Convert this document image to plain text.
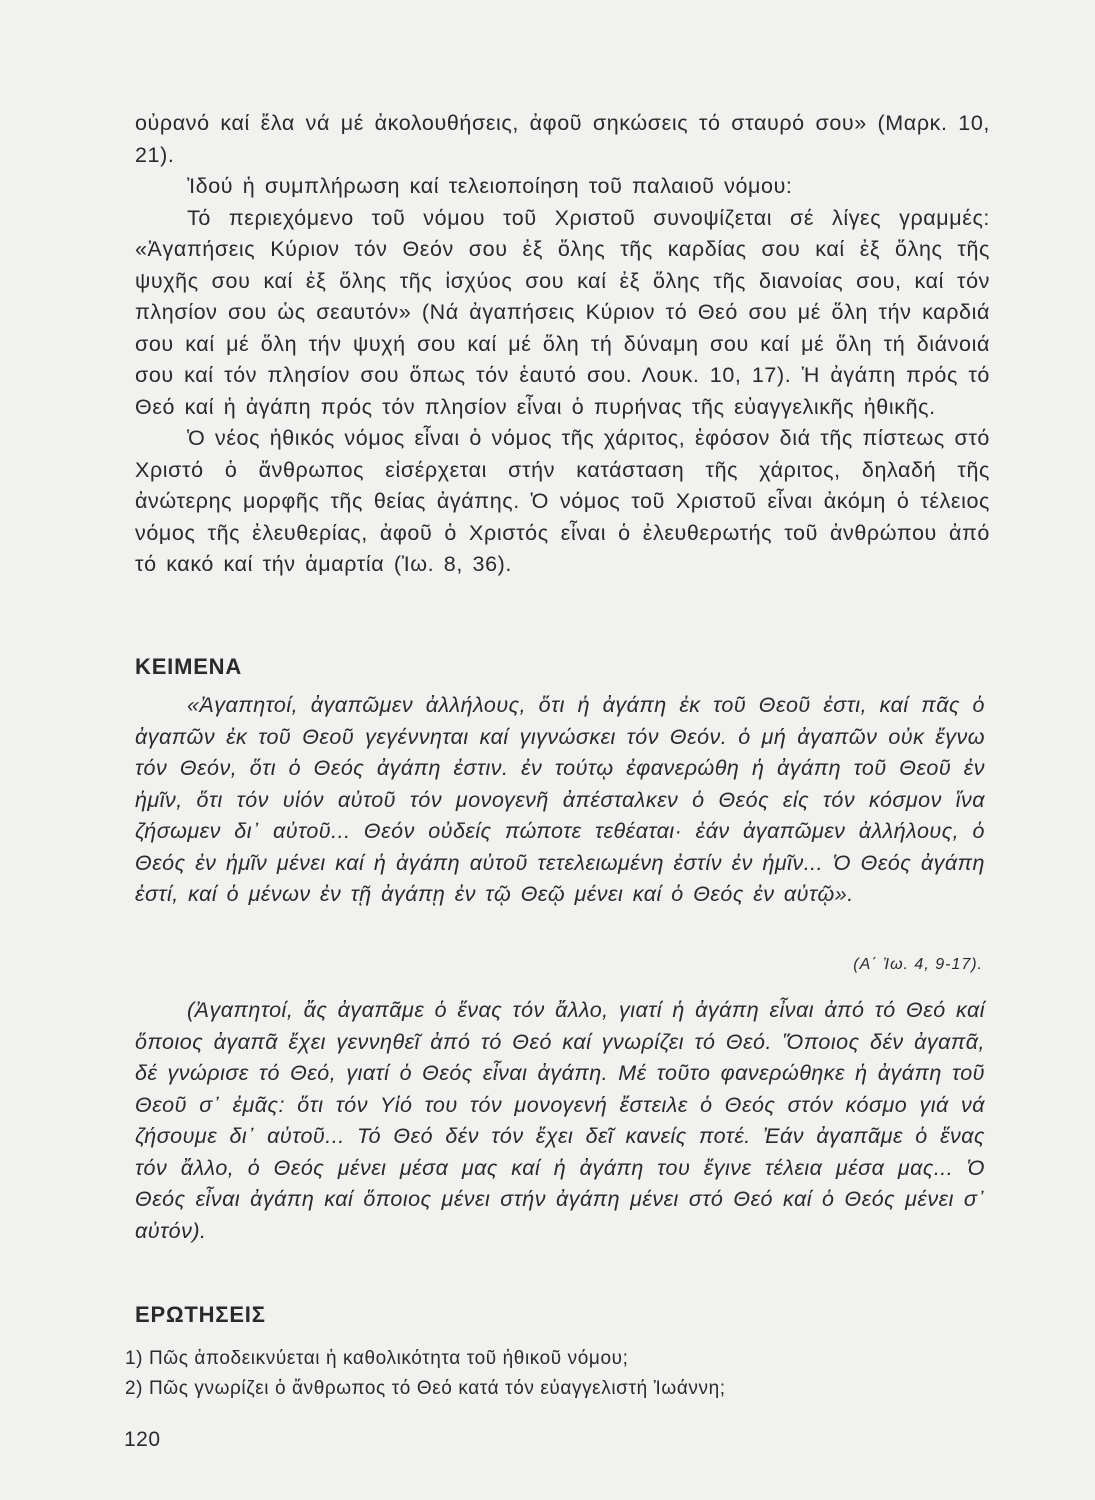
οὐρανό καί ἔλα νά μέ ἀκολουθήσεις, ἀφοῦ σηκώσεις τό σταυρό σου» (Μαρκ. 10, 21).

Ἰδού ἡ συμπλήρωση καί τελειοποίηση τοῦ παλαιοῦ νόμου:

Τό περιεχόμενο τοῦ νόμου τοῦ Χριστοῦ συνοψίζεται σέ λίγες γραμμές: «Ἀγαπήσεις Κύριον τόν Θεόν σου ἐξ ὅλης τῆς καρδίας σου καί ἐξ ὅλης τῆς ψυχῆς σου καί ἐξ ὅλης τῆς ἰσχύος σου καί ἐξ ὅλης τῆς διανοίας σου, καί τόν πλησίον σου ὡς σεαυτόν» (Νά ἀγαπήσεις Κύριον τό Θεό σου μέ ὅλη τήν καρδιά σου καί μέ ὅλη τήν ψυχή σου καί μέ ὅλη τή δύναμη σου καί μέ ὅλη τή διάνοιά σου καί τόν πλησίον σου ὅπως τόν ἑαυτό σου. Λουκ. 10, 17). Ἡ ἀγάπη πρός τό Θεό καί ἡ ἀγάπη πρός τόν πλησίον εἶναι ὁ πυρήνας τῆς εὐαγγελικῆς ἠθικῆς.

Ὁ νέος ἠθικός νόμος εἶναι ὁ νόμος τῆς χάριτος, ἐφόσον διά τῆς πίστεως στό Χριστό ὁ ἄνθρωπος εἰσέρχεται στήν κατάσταση τῆς χάριτος, δηλαδή τῆς ἀνώτερης μορφῆς τῆς θείας ἀγάπης. Ὁ νόμος τοῦ Χριστοῦ εἶναι ἀκόμη ὁ τέλειος νόμος τῆς ἐλευθερίας, ἀφοῦ ὁ Χριστός εἶναι ὁ ἐλευθερωτής τοῦ ἀνθρώπου ἀπό τό κακό καί τήν ἁμαρτία (Ἰω. 8, 36).

ΚΕΙΜΕΝΑ

«Ἀγαπητοί, ἀγαπῶμεν ἀλλήλους, ὅτι ἡ ἀγάπη ἐκ τοῦ Θεοῦ ἐστι, καί πᾶς ὁ ἀγαπῶν ἐκ τοῦ Θεοῦ γεγέννηται καί γιγνώσκει τόν Θεόν. ὁ μή ἀγαπῶν οὐκ ἔγνω τόν Θεόν, ὅτι ὁ Θεός ἀγάπη ἐστιν. ἐν τούτῳ ἐφανερώθη ἡ ἀγάπη τοῦ Θεοῦ ἐν ἡμῖν, ὅτι τόν υἱόν αὐτοῦ τόν μονογενῆ ἀπέσταλκεν ὁ Θεός εἰς τόν κόσμον ἵνα ζήσωμεν δι᾿ αὐτοῦ... Θεόν οὐδείς πώποτε τεθέαται· ἐάν ἀγαπῶμεν ἀλλήλους, ὁ Θεός ἐν ἡμῖν μένει καί ἡ ἀγάπη αὐτοῦ τετελειωμένη ἐστίν ἐν ἡμῖν... Ὁ Θεός ἀγάπη ἐστί, καί ὁ μένων ἐν τῇ ἀγάπῃ ἐν τῷ Θεῷ μένει καί ὁ Θεός ἐν αὐτῷ».

(Α΄ Ἰω. 4, 9-17).

(Ἀγαπητοί, ἄς ἀγαπᾶμε ὁ ἕνας τόν ἄλλο, γιατί ἡ ἀγάπη εἶναι ἀπό τό Θεό καί ὅποιος ἀγαπᾶ ἔχει γεννηθεῖ ἀπό τό Θεό καί γνωρίζει τό Θεό. Ὅποιος δέν ἀγαπᾶ, δέ γνώρισε τό Θεό, γιατί ὁ Θεός εἶναι ἀγάπη. Μέ τοῦτο φανερώθηκε ἡ ἀγάπη τοῦ Θεοῦ σ᾿ ἐμᾶς: ὅτι τόν Υἱό του τόν μονογενή ἔστειλε ὁ Θεός στόν κόσμο γιά νά ζήσουμε δι᾿ αὐτοῦ... Τό Θεό δέν τόν ἔχει δεῖ κανείς ποτέ. Ἐάν ἀγαπᾶμε ὁ ἕνας τόν ἄλλο, ὁ Θεός μένει μέσα μας καί ἡ ἀγάπη του ἔγινε τέλεια μέσα μας... Ὁ Θεός εἶναι ἀγάπη καί ὅποιος μένει στήν ἀγάπη μένει στό Θεό καί ὁ Θεός μένει σ᾿ αὐτόν).

ΕΡΩΤΗΣΕΙΣ
1) Πῶς ἀποδεικνύεται ἡ καθολικότητα τοῦ ἠθικοῦ νόμου;
2) Πῶς γνωρίζει ὁ ἄνθρωπος τό Θεό κατά τόν εὐαγγελιστή Ἰωάννη;
120
